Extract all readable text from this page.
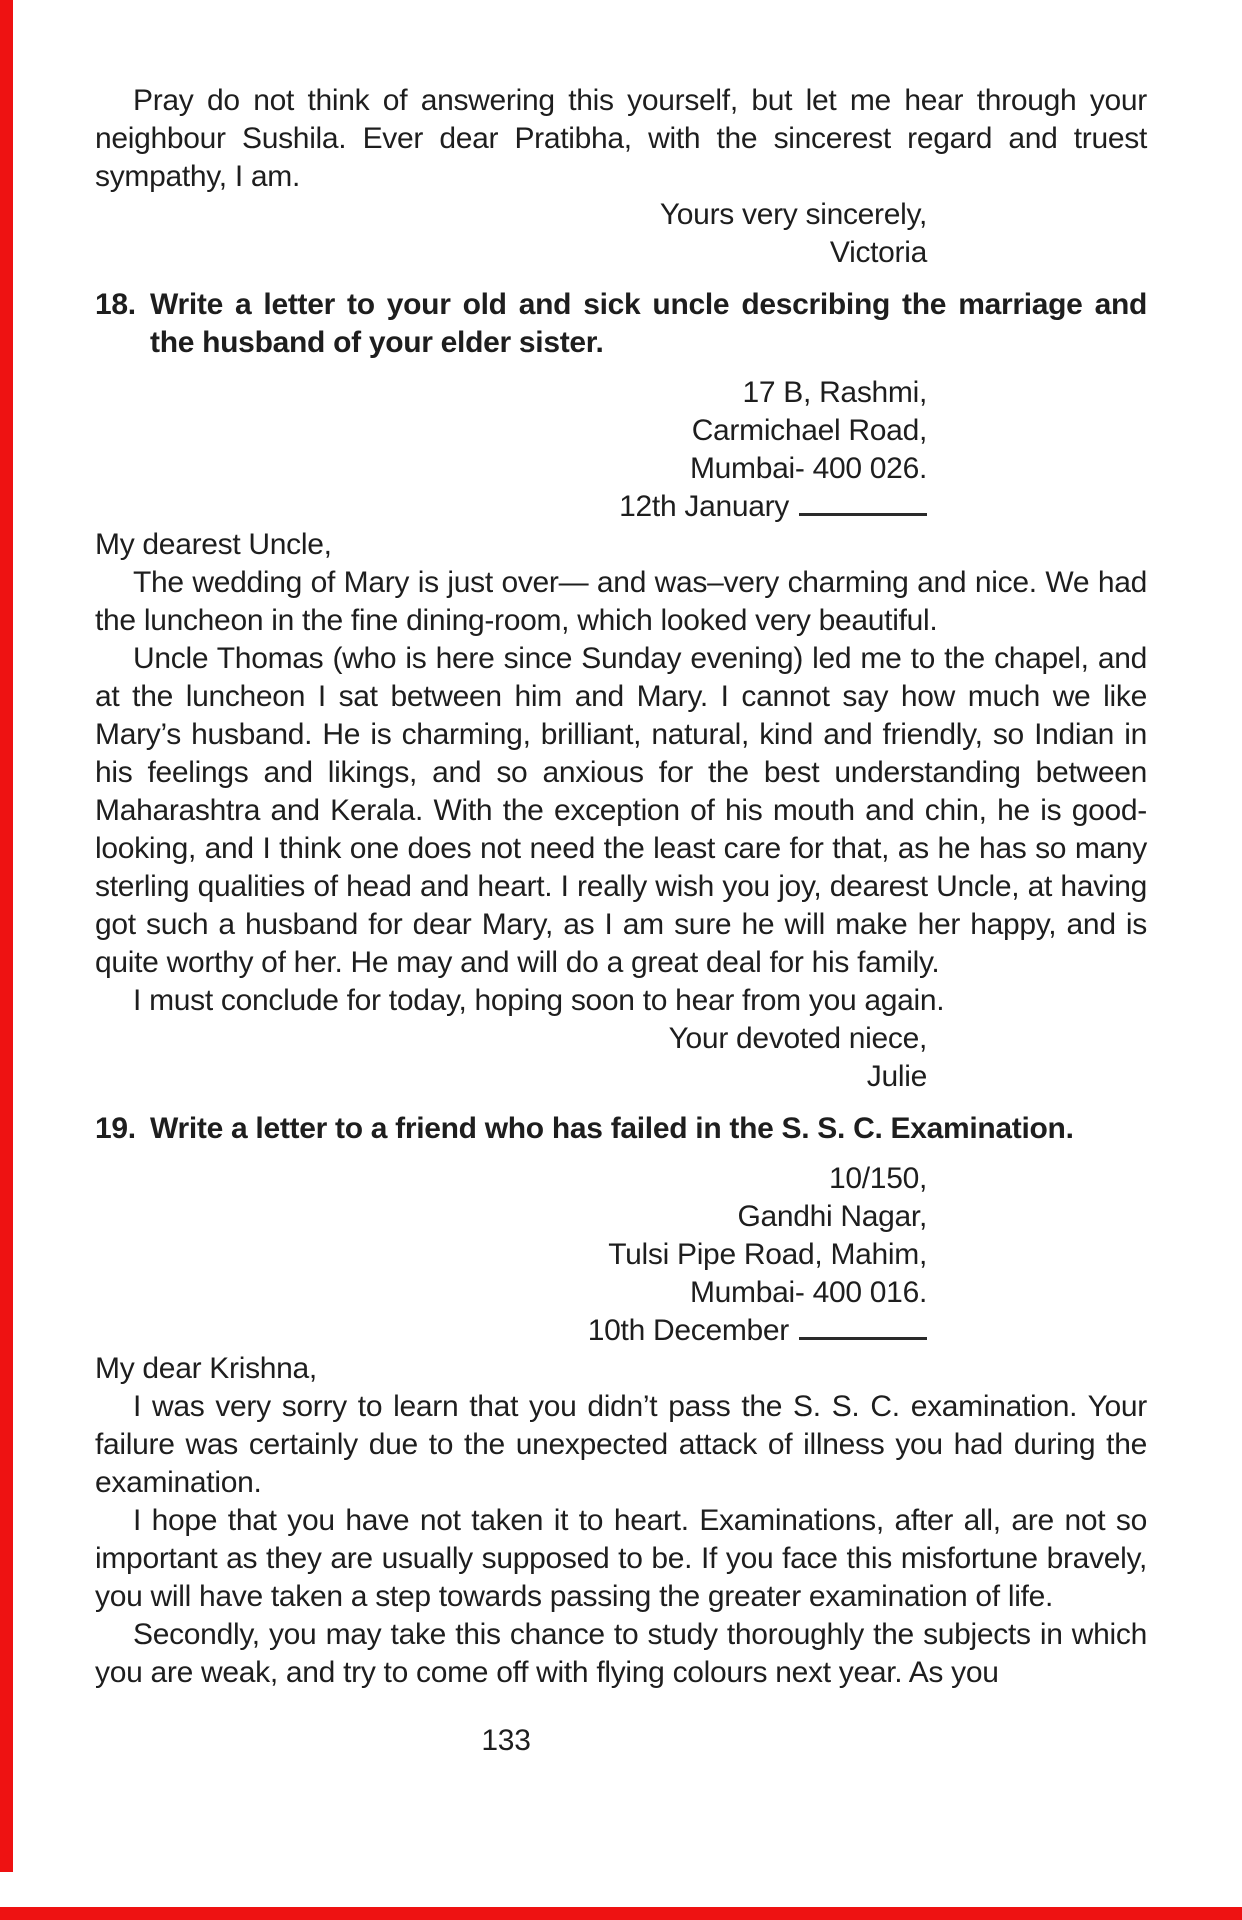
Pray do not think of answering this yourself, but let me hear through your neighbour Sushila. Ever dear Pratibha, with the sincerest regard and truest sympathy, I am.

Yours very sincerely,
Victoria
18. Write a letter to your old and sick uncle describing the marriage and the husband of your elder sister.
17 B, Rashmi,
Carmichael Road,
Mumbai- 400 026.
12th January

My dearest Uncle,

The wedding of Mary is just over— and was–very charming and nice. We had the luncheon in the fine dining-room, which looked very beautiful.

Uncle Thomas (who is here since Sunday evening) led me to the chapel, and at the luncheon I sat between him and Mary. I cannot say how much we like Mary’s husband. He is charming, brilliant, natural, kind and friendly, so Indian in his feelings and likings, and so anxious for the best understanding between Maharashtra and Kerala. With the exception of his mouth and chin, he is good-looking, and I think one does not need the least care for that, as he has so many sterling qualities of head and heart. I really wish you joy, dearest Uncle, at having got such a husband for dear Mary, as I am sure he will make her happy, and is quite worthy of her. He may and will do a great deal for his family.

I must conclude for today, hoping soon to hear from you again.

Your devoted niece,
Julie
19. Write a letter to a friend who has failed in the S. S. C. Examination.
10/150,
Gandhi Nagar,
Tulsi Pipe Road, Mahim,
Mumbai- 400 016.
10th December

My dear Krishna,

I was very sorry to learn that you didn’t pass the S. S. C. examination. Your failure was certainly due to the unexpected attack of illness you had during the examination.

I hope that you have not taken it to heart. Examinations, after all, are not so important as they are usually supposed to be. If you face this misfortune bravely, you will have taken a step towards passing the greater examination of life.

Secondly, you may take this chance to study thoroughly the subjects in which you are weak, and try to come off with flying colours next year. As you

133
